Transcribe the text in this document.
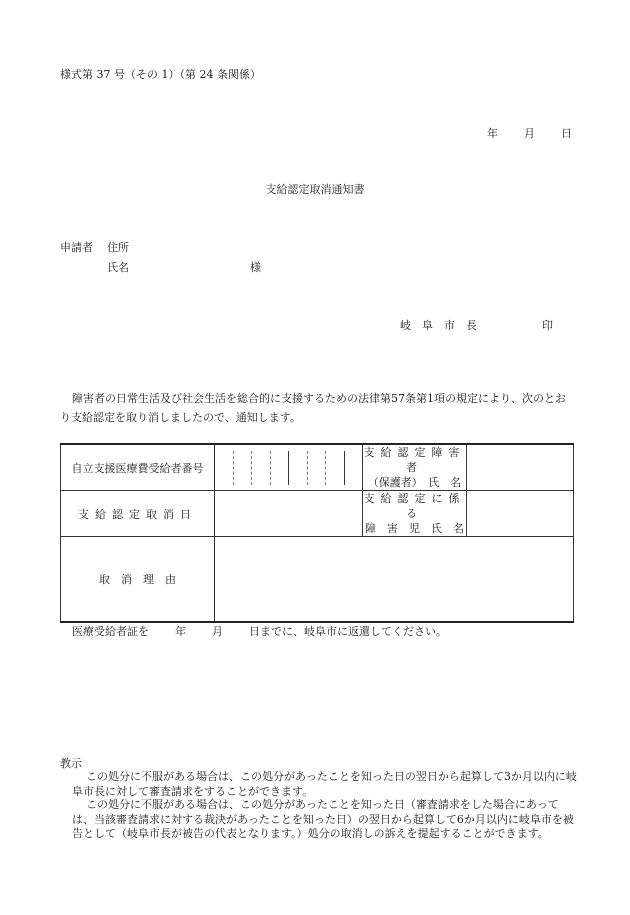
様式第 37 号（その 1）（第 24 条関係）
年 月 日
支給認定取消通知書
申請者 住所
氏名	様
岐　阜　市　長	印
障害者の日常生活及び社会生活を総合的に支援するための法律第57条第1項の規定により、次のとおり支給認定を取り消しましたので、通知します。
自立支援医療費受給者番号		支給認定障害者
（保護者）　氏　名	

支給認定取消日		支給認定に係る
障　害　児　氏　名	

取　消　理　由			
医療受給者証を 年 月 日までに、岐阜市に返還してください。
教示
この処分に不服がある場合は、この処分があったことを知った日の翌日から起算して3か月以内に岐阜市長に対して審査請求をすることができます。
この処分に不服がある場合は、この処分があったことを知った日（審査請求をした場合にあっては、当該審査請求に対する裁決があったことを知った日）の翌日から起算して6か月以内に岐阜市を被告として（岐阜市長が被告の代表となります。）処分の取消しの訴えを提起することができます。
